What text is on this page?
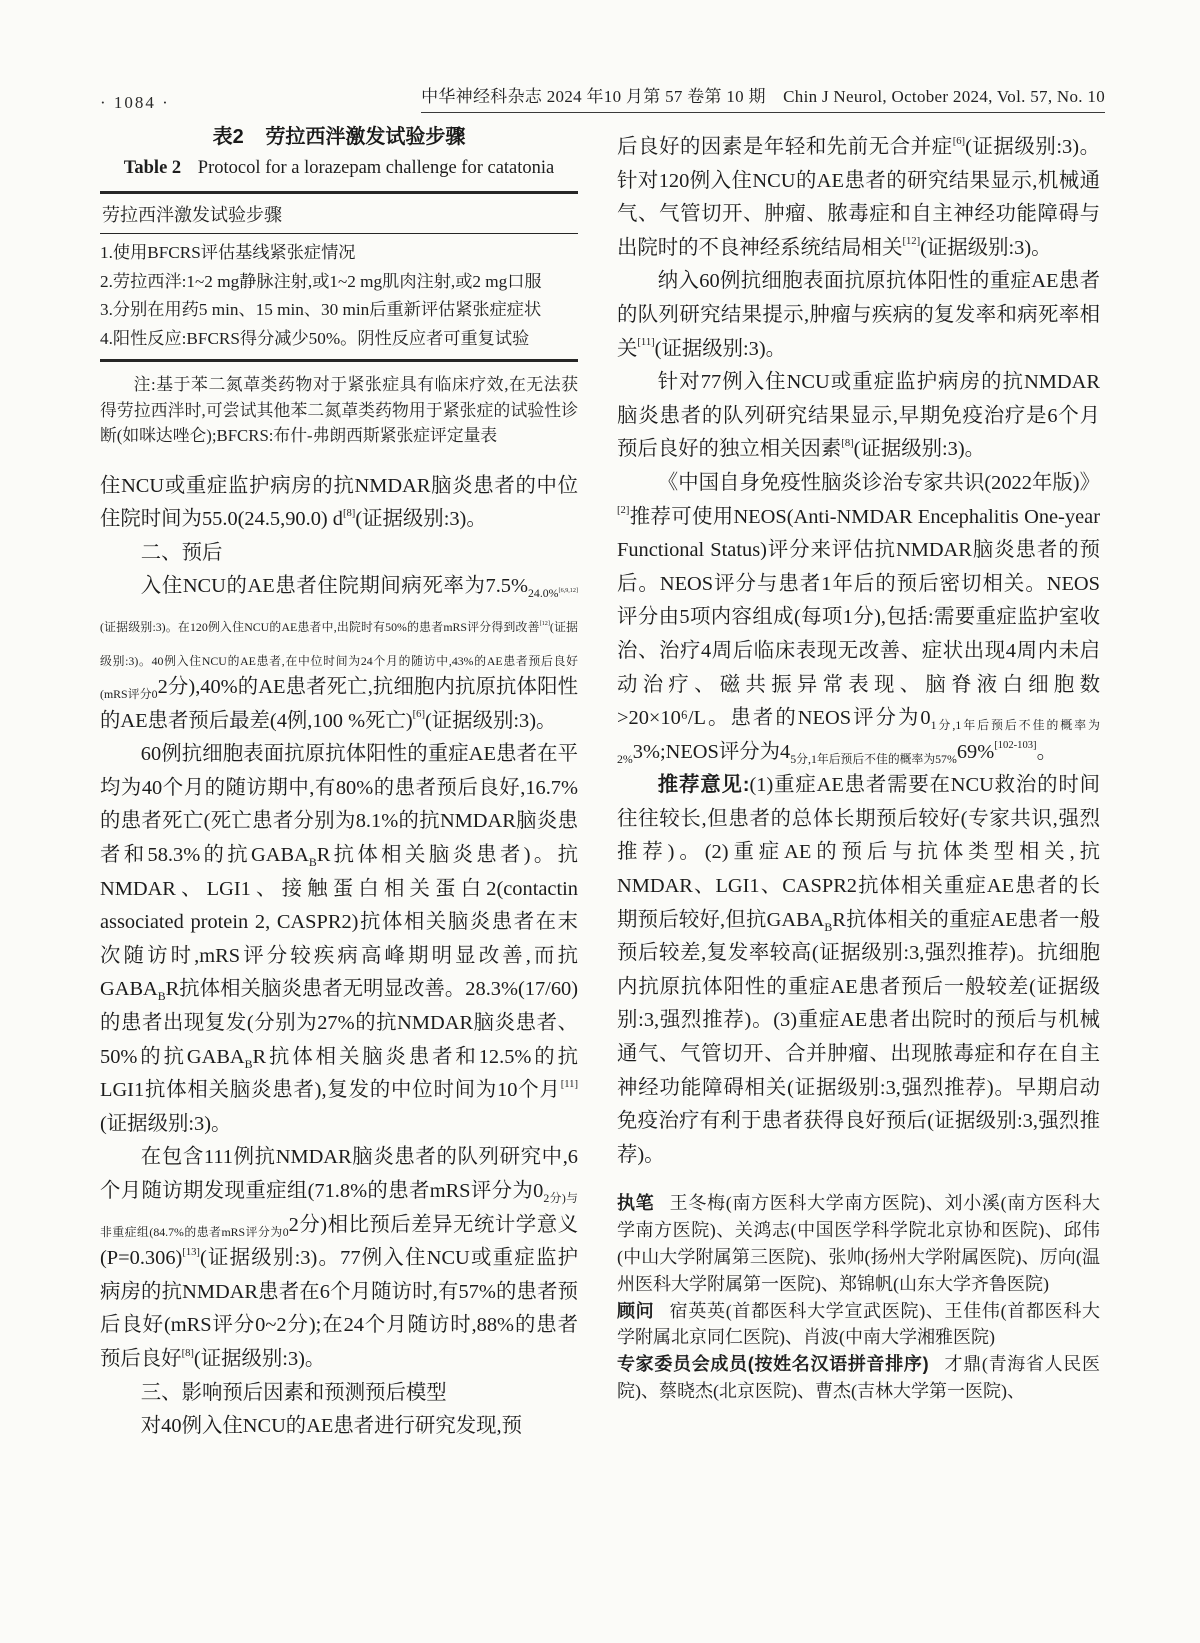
· 1084 ·	中华神经科杂志 2024 年10 月第 57 卷第 10 期　Chin J Neurol, October 2024, Vol. 57, No. 10
表2 劳拉西泮激发试验步骤
Table 2 Protocol for a lorazepam challenge for catatonia
劳拉西泮激发试验步骤
1.使用BFCRS评估基线紧张症情况
2.劳拉西泮:1~2 mg静脉注射,或1~2 mg肌肉注射,或2 mg口服
3.分别在用药5 min、15 min、30 min后重新评估紧张症症状
4.阳性反应:BFCRS得分减少50%。阴性反应者可重复试验
注:基于苯二氮䓬类药物对于紧张症具有临床疗效,在无法获得劳拉西泮时,可尝试其他苯二氮䓬类药物用于紧张症的试验性诊断(如咪达唑仑);BFCRS:布什-弗朗西斯紧张症评定量表

住NCU或重症监护病房的抗NMDAR脑炎患者的中位住院时间为55.0(24.5,90.0) d[8](证据级别:3)。

二、预后

入住NCU的AE患者住院期间病死率为$7.5\%_{24.0\%^{[6,9,12]}(证据级别:3)。在120例入住NCU的AE患者中,出院时有50\%的患者mRS评分得到改善^{[12]}(证据级别:3)。40例入住NCU的AE患者,在中位时间为24个月的随访中,43\%的AE患者预后良好(mRS评分0}2$分),40%的AE患者死亡,抗细胞内抗原抗体阳性的AE患者预后最差(4例,100 %死亡)[6](证据级别:3)。

60例抗细胞表面抗原抗体阳性的重症AE患者在平均为40个月的随访期中,有80%的患者预后良好,16.7%的患者死亡(死亡患者分别为8.1%的抗NMDAR脑炎患者和58.3%的抗$GABA_BR$抗体相关脑炎患者)。抗NMDAR、LGI1、接触蛋白相关蛋白2(contactin associated protein 2, CASPR2)抗体相关脑炎患者在末次随访时,mRS评分较疾病高峰期明显改善,而抗$GABA_BR$抗体相关脑炎患者无明显改善。28.3%(17/60)的患者出现复发(分别为27%的抗NMDAR脑炎患者、50%的抗$GABA_BR$抗体相关脑炎患者和12.5%的抗LGI1抗体相关脑炎患者),复发的中位时间为10个月[11](证据级别:3)。

在包含111例抗NMDAR脑炎患者的队列研究中,6个月随访期发现重症组(71.8%的患者mRS评分为$0_{2分)与非重症组(84.7\%的患者mRS评分为0}2$分)相比预后差异无统计学意义(P=0.306)[13](证据级别:3)。77例入住NCU或重症监护病房的抗NMDAR患者在6个月随访时,有57%的患者预后良好(mRS评分0~2分);在24个月随访时,88%的患者预后良好[8](证据级别:3)。

三、影响预后因素和预测预后模型

对40例入住NCU的AE患者进行研究发现,预

后良好的因素是年轻和先前无合并症[6](证据级别:3)。针对120例入住NCU的AE患者的研究结果显示,机械通气、气管切开、肿瘤、脓毒症和自主神经功能障碍与出院时的不良神经系统结局相关[12](证据级别:3)。

纳入60例抗细胞表面抗原抗体阳性的重症AE患者的队列研究结果提示,肿瘤与疾病的复发率和病死率相关[11](证据级别:3)。

针对77例入住NCU或重症监护病房的抗NMDAR脑炎患者的队列研究结果显示,早期免疫治疗是6个月预后良好的独立相关因素[8](证据级别:3)。

《中国自身免疫性脑炎诊治专家共识(2022年版)》[2]推荐可使用NEOS(Anti-NMDAR Encephalitis One-year Functional Status)评分来评估抗NMDAR脑炎患者的预后。NEOS评分与患者1年后的预后密切相关。NEOS评分由5项内容组成(每项1分),包括:需要重症监护室收治、治疗4周后临床表现无改善、症状出现4周内未启动治疗、磁共振异常表现、脑脊液白细胞数>20×10⁶/L。患者的NEOS评分为$0_{1分,1年后预后不佳的概率为2\%}3\%;NEOS$评分为$4_{5分,1年后预后不佳的概率为57\%}69\%[102-103]$。

推荐意见:(1)重症AE患者需要在NCU救治的时间往往较长,但患者的总体长期预后较好(专家共识,强烈推荐)。(2)重症AE的预后与抗体类型相关,抗NMDAR、LGI1、CASPR2抗体相关重症AE患者的长期预后较好,但抗$GABA_BR$抗体相关的重症AE患者一般预后较差,复发率较高(证据级别:3,强烈推荐)。抗细胞内抗原抗体阳性的重症AE患者预后一般较差(证据级别:3,强烈推荐)。(3)重症AE患者出院时的预后与机械通气、气管切开、合并肿瘤、出现脓毒症和存在自主神经功能障碍相关(证据级别:3,强烈推荐)。早期启动免疫治疗有利于患者获得良好预后(证据级别:3,强烈推荐)。

执笔 王冬梅(南方医科大学南方医院)、刘小溪(南方医科大学南方医院)、关鸿志(中国医学科学院北京协和医院)、邱伟(中山大学附属第三医院)、张帅(扬州大学附属医院)、厉向(温州医科大学附属第一医院)、郑锦帆(山东大学齐鲁医院)

顾问 宿英英(首都医科大学宣武医院)、王佳伟(首都医科大学附属北京同仁医院)、肖波(中南大学湘雅医院)

专家委员会成员(按姓名汉语拼音排序) 才鼎(青海省人民医院)、蔡晓杰(北京医院)、曹杰(吉林大学第一医院)、
